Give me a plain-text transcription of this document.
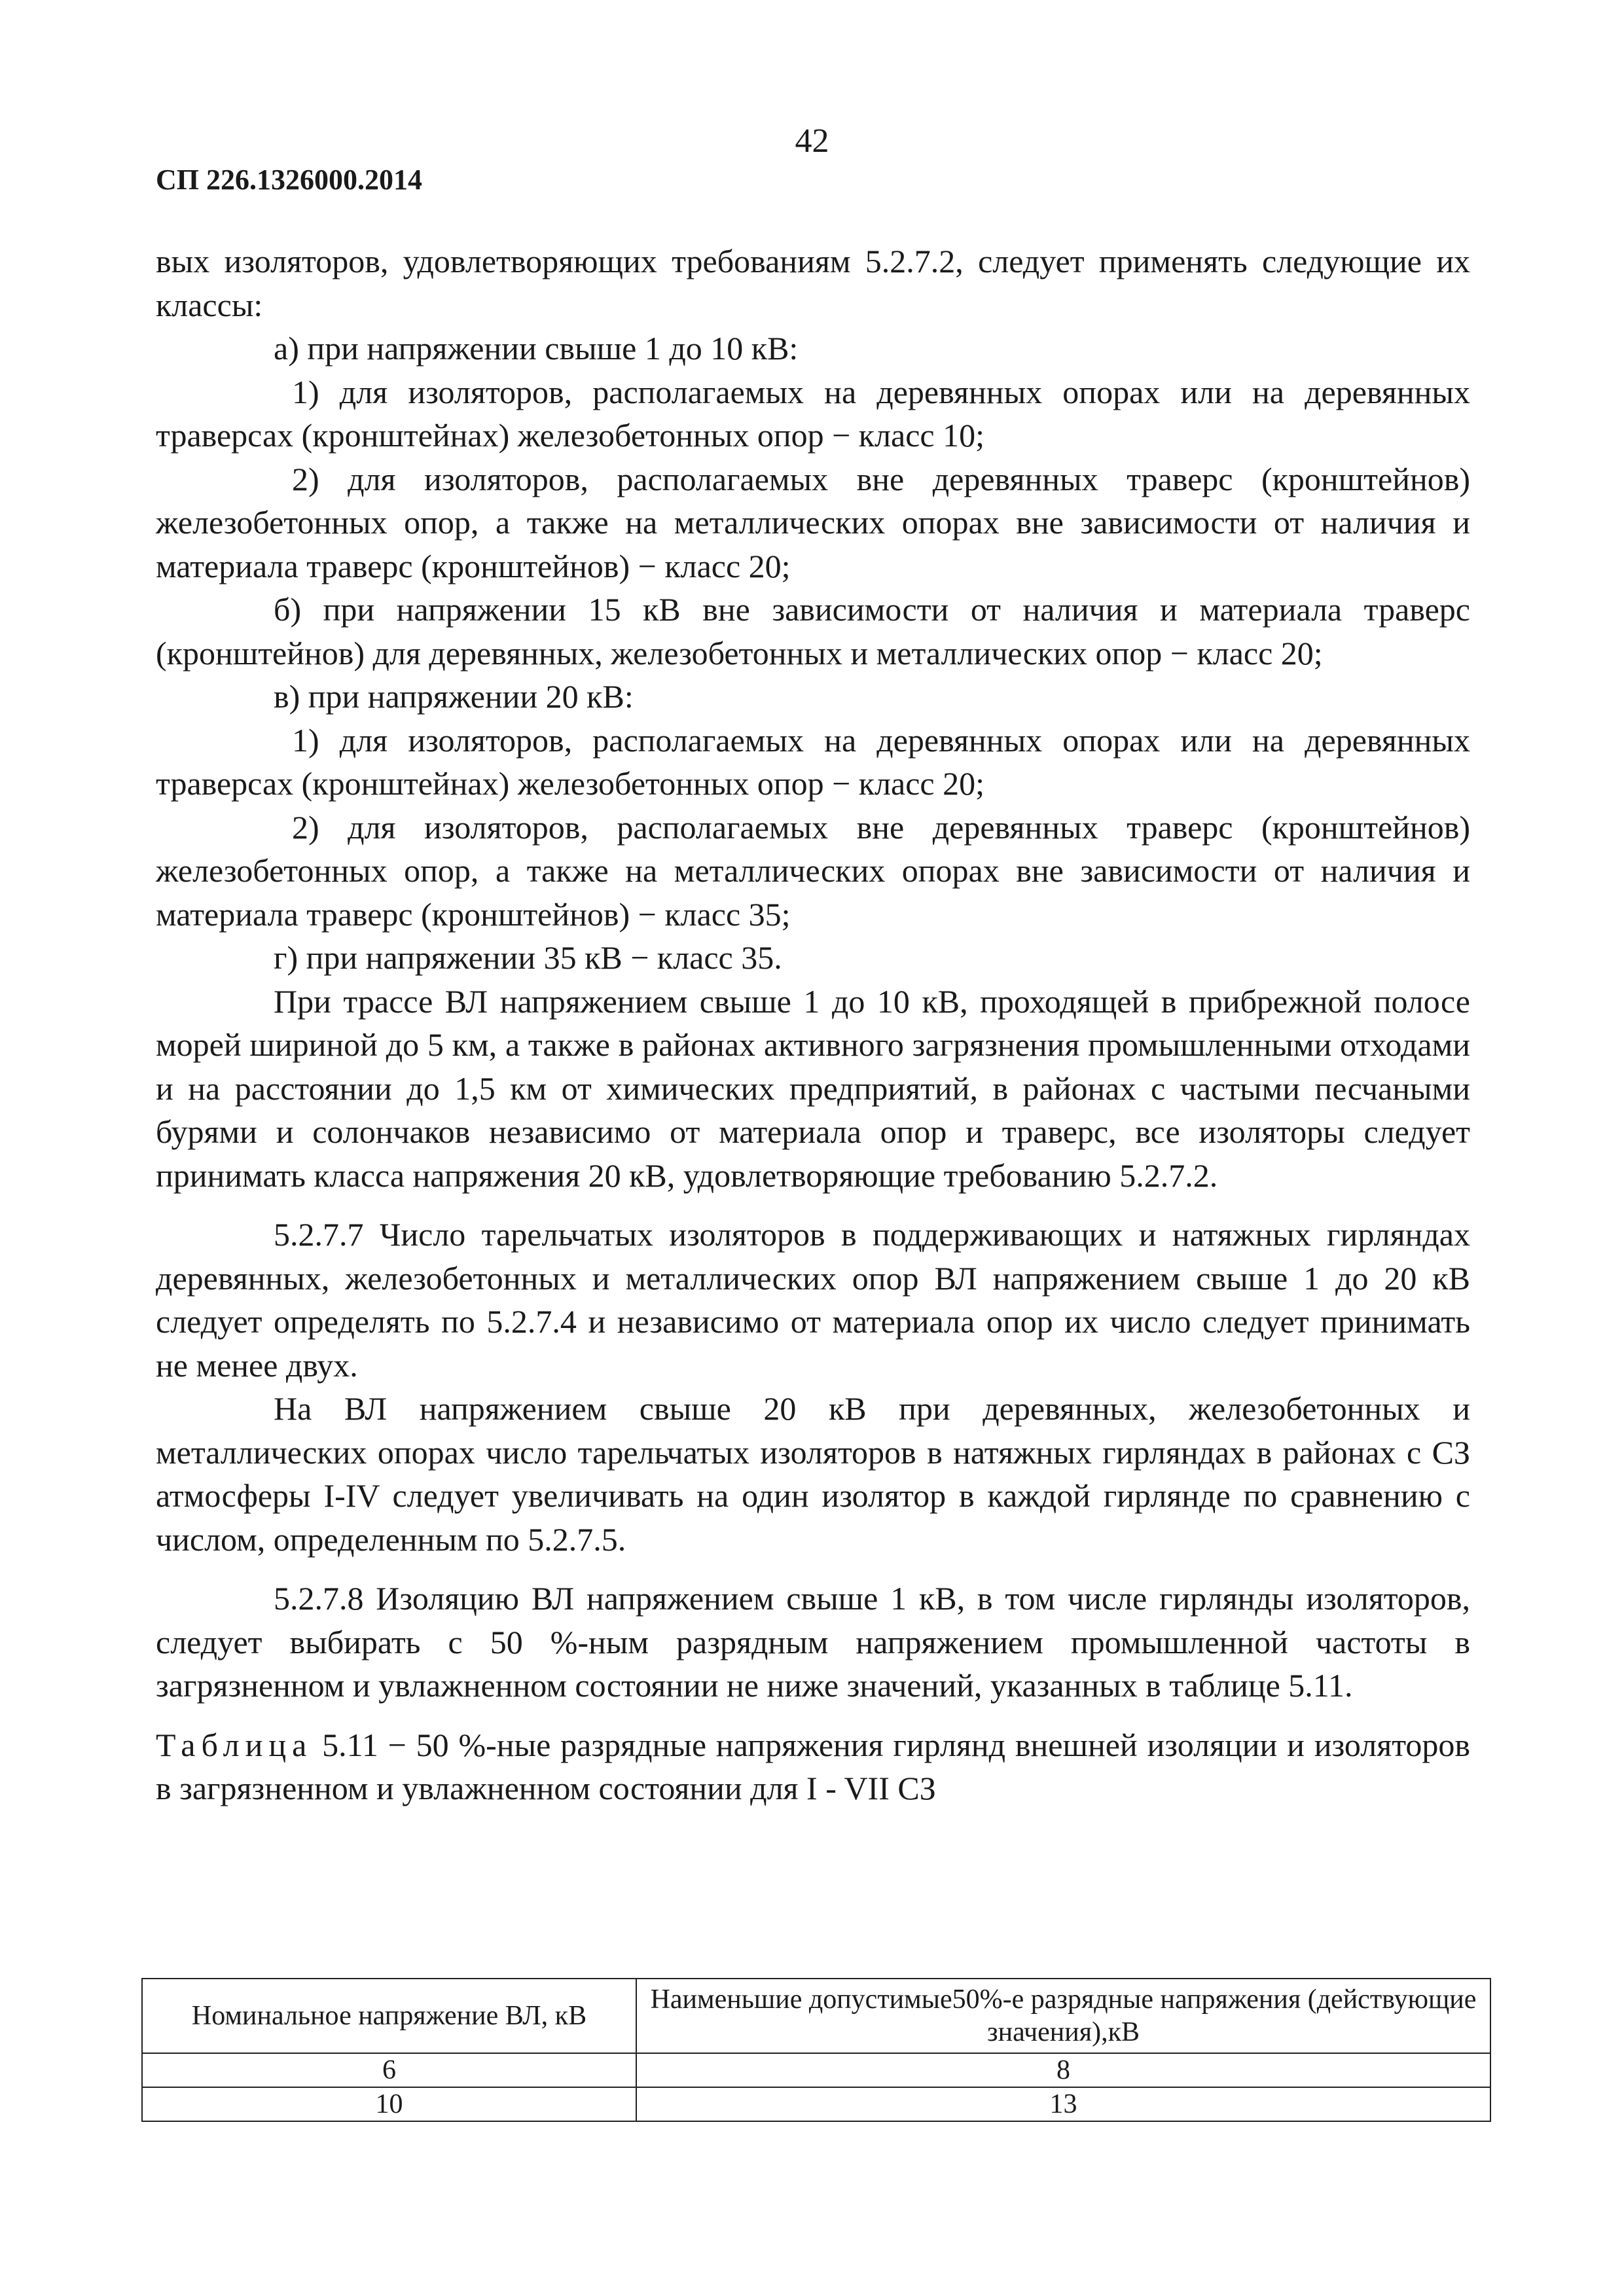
42
СП 226.1326000.2014

вых изоляторов, удовлетворяющих требованиям 5.2.7.2, следует применять следующие их классы:

а) при напряжении свыше 1 до 10 кВ:

1) для изоляторов, располагаемых на деревянных опорах или на деревянных траверсах (кронштейнах) железобетонных опор − класс 10;

2) для изоляторов, располагаемых вне деревянных траверс (кронштейнов) железобетонных опор, а также на металлических опорах вне зависимости от наличия и материала траверс (кронштейнов) − класс 20;

б) при напряжении 15 кВ вне зависимости от наличия и материала траверс (кронштейнов) для деревянных, железобетонных и металлических опор − класс 20;

в) при напряжении 20 кВ:

1) для изоляторов, располагаемых на деревянных опорах или на деревянных траверсах (кронштейнах) железобетонных опор − класс 20;

2) для изоляторов, располагаемых вне деревянных траверс (кронштейнов) железобетонных опор, а также на металлических опорах вне зависимости от наличия и материала траверс (кронштейнов) − класс 35;

г) при напряжении 35 кВ − класс 35.

При трассе ВЛ напряжением свыше 1 до 10 кВ, проходящей в прибрежной полосе морей шириной до 5 км, а также в районах активного загрязнения промышленными отходами и на расстоянии до 1,5 км от химических предприятий, в районах с частыми песчаными бурями и солончаков независимо от материала опор и траверс, все изоляторы следует принимать класса напряжения 20 кВ, удовлетворяющие требованию 5.2.7.2.

5.2.7.7 Число тарельчатых изоляторов в поддерживающих и натяжных гирляндах деревянных, железобетонных и металлических опор ВЛ напряжением свыше 1 до 20 кВ следует определять по 5.2.7.4 и независимо от материала опор их число следует принимать не менее двух.

На ВЛ напряжением свыше 20 кВ при деревянных, железобетонных и металлических опорах число тарельчатых изоляторов в натяжных гирляндах в районах с СЗ атмосферы I-IV следует увеличивать на один изолятор в каждой гирлянде по сравнению с числом, определенным по 5.2.7.5.

5.2.7.8 Изоляцию ВЛ напряжением свыше 1 кВ, в том числе гирлянды изоляторов, следует выбирать с 50 %-ным разрядным напряжением промышленной частоты в загрязненном и увлажненном состоянии не ниже значений, указанных в таблице 5.11.

Таблица 5.11 − 50 %-ные разрядные напряжения гирлянд внешней изоляции и изоляторов в загрязненном и увлажненном состоянии для I - VII СЗ

Номинальное напряжение ВЛ, кВ	Наименьшие допустимые50%-е разрядные напряжения (действующие значения),кВ
6	8
10	13
